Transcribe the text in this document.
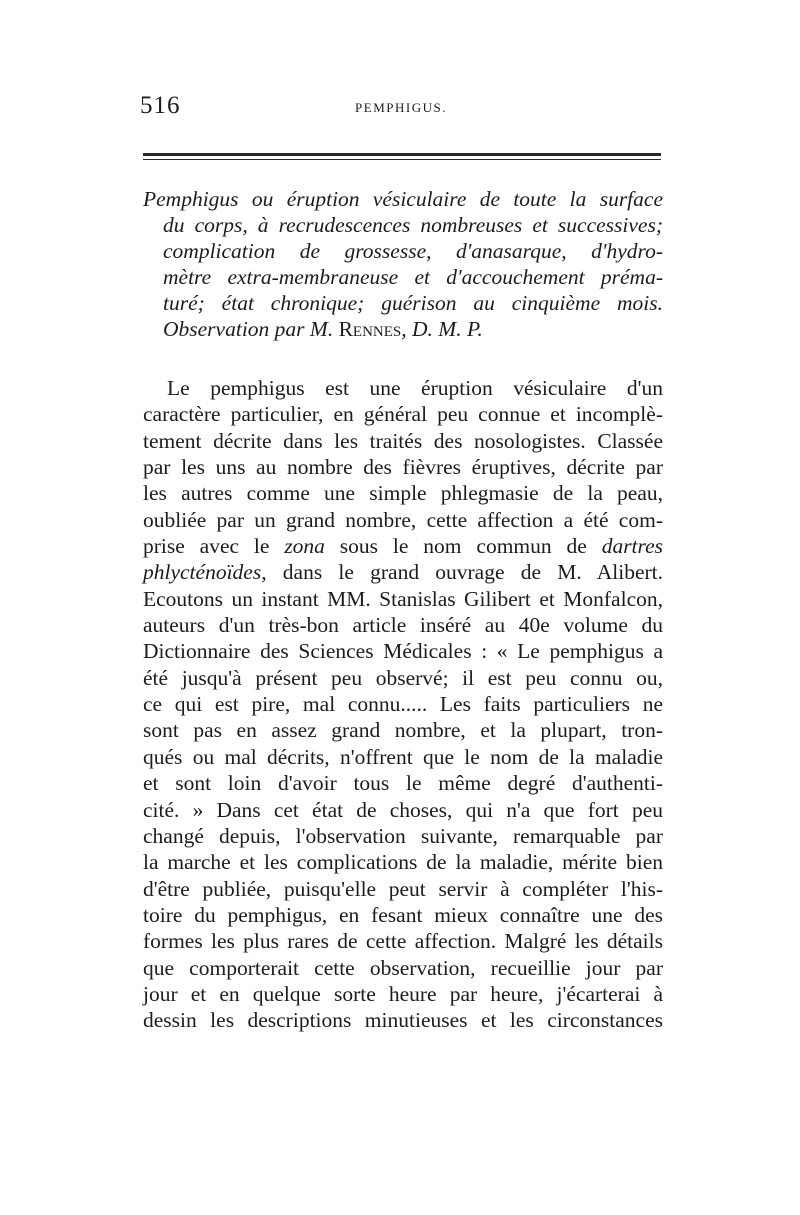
516	PEMPHIGUS.
Pemphigus ou éruption vésiculaire de toute la surface
du corps, à recrudescences nombreuses et successives;
complication de grossesse, d'anasarque, d'hydro-
mètre extra-membraneuse et d'accouchement préma-
turé; état chronique; guérison au cinquième mois.
Observation par M. Rennes, D. M. P.
Le pemphigus est une éruption vésiculaire d'un
caractère particulier, en général peu connue et incomplè-
tement décrite dans les traités des nosologistes. Classée
par les uns au nombre des fièvres éruptives, décrite par
les autres comme une simple phlegmasie de la peau,
oubliée par un grand nombre, cette affection a été com-
prise avec le zona sous le nom commun de dartres
phlycténoïdes, dans le grand ouvrage de M. Alibert.
Ecoutons un instant MM. Stanislas Gilibert et Monfalcon,
auteurs d'un très-bon article inséré au 40e volume du
Dictionnaire des Sciences Médicales : « Le pemphigus a
été jusqu'à présent peu observé; il est peu connu ou,
ce qui est pire, mal connu..... Les faits particuliers ne
sont pas en assez grand nombre, et la plupart, tron-
qués ou mal décrits, n'offrent que le nom de la maladie
et sont loin d'avoir tous le même degré d'authenti-
cité. » Dans cet état de choses, qui n'a que fort peu
changé depuis, l'observation suivante, remarquable par
la marche et les complications de la maladie, mérite bien
d'être publiée, puisqu'elle peut servir à compléter l'his-
toire du pemphigus, en fesant mieux connaître une des
formes les plus rares de cette affection. Malgré les détails
que comporterait cette observation, recueillie jour par
jour et en quelque sorte heure par heure, j'écarterai à
dessin les descriptions minutieuses et les circonstances
